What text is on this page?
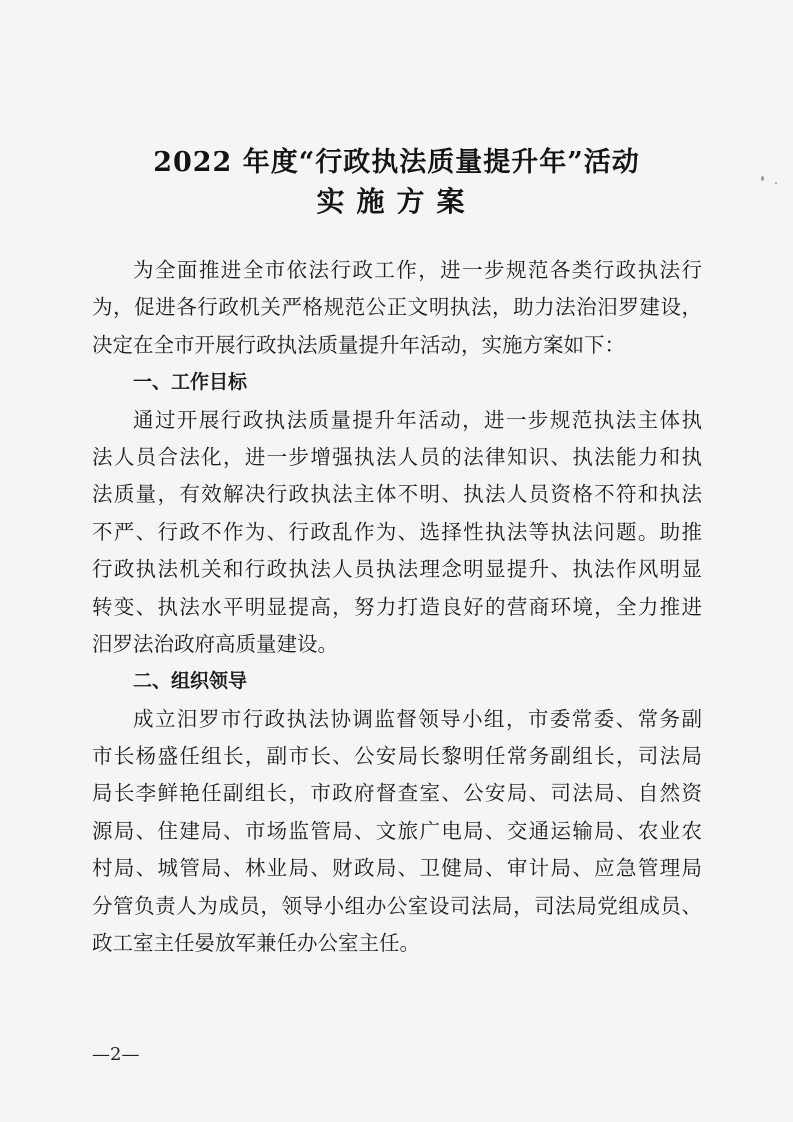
2022 年度“行政执法质量提升年”活动
实施方案
为全面推进全市依法行政工作，进一步规范各类行政执法行
为，促进各行政机关严格规范公正文明执法，助力法治汨罗建设，
决定在全市开展行政执法质量提升年活动，实施方案如下：
一、工作目标
通过开展行政执法质量提升年活动，进一步规范执法主体执
法人员合法化，进一步增强执法人员的法律知识、执法能力和执
法质量，有效解决行政执法主体不明、执法人员资格不符和执法
不严、行政不作为、行政乱作为、选择性执法等执法问题。助推
行政执法机关和行政执法人员执法理念明显提升、执法作风明显
转变、执法水平明显提高，努力打造良好的营商环境，全力推进
汨罗法治政府高质量建设。
二、组织领导
成立汨罗市行政执法协调监督领导小组，市委常委、常务副
市长杨盛任组长，副市长、公安局长黎明任常务副组长，司法局
局长李鲜艳任副组长，市政府督查室、公安局、司法局、自然资
源局、住建局、市场监管局、文旅广电局、交通运输局、农业农
村局、城管局、林业局、财政局、卫健局、审计局、应急管理局
分管负责人为成员，领导小组办公室设司法局，司法局党组成员、
政工室主任晏放军兼任办公室主任。
—2—
